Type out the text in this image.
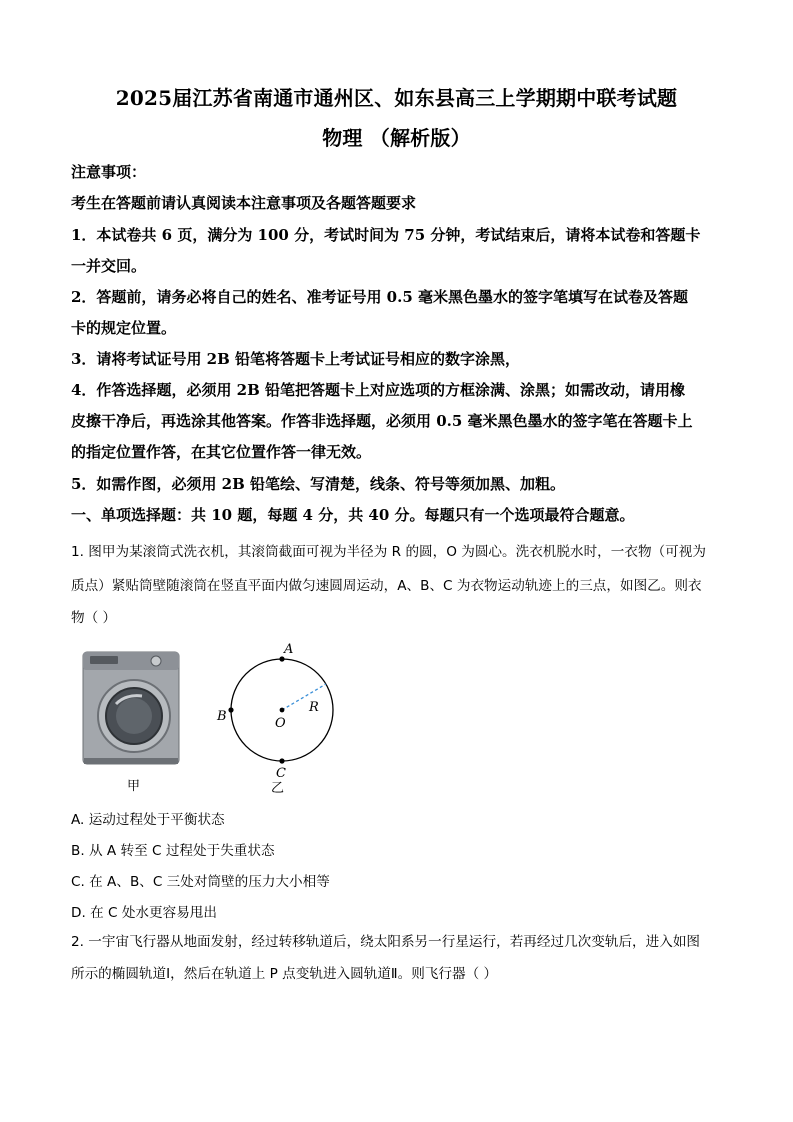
2025届江苏省南通市通州区、如东县高三上学期期中联考试题
物理 （解析版）
注意事项：
考生在答题前请认真阅读本注意事项及各题答题要求
1．本试卷共 6 页，满分为 100 分，考试时间为 75 分钟，考试结束后，请将本试卷和答题卡
一并交回。
2．答题前，请务必将自己的姓名、准考证号用 0.5 毫米黑色墨水的签字笔填写在试卷及答题
卡的规定位置。
3．请将考试证号用 2B 铅笔将答题卡上考试证号相应的数字涂黑，
4．作答选择题，必须用 2B 铅笔把答题卡上对应选项的方框涂满、涂黑；如需改动，请用橡
皮擦干净后，再选涂其他答案。作答非选择题，必须用 0.5 毫米黑色墨水的签字笔在答题卡上
的指定位置作答，在其它位置作答一律无效。
5．如需作图，必须用 2B 铅笔绘、写清楚，线条、符号等须加黑、加粗。
一、单项选择题：共 10 题，每题 4 分，共 40 分。每题只有一个选项最符合题意。
1. 图甲为某滚筒式洗衣机，其滚筒截面可视为半径为 R 的圆，O 为圆心。洗衣机脱水时，一衣物（可视为
质点）紧贴筒壁随滚筒在竖直平面内做匀速圆周运动，A、B、C 为衣物运动轨迹上的三点，如图乙。则衣
物（ ）
甲
A
B	O
R
C
乙
A. 运动过程处于平衡状态
B. 从 A 转至 C 过程处于失重状态
C. 在 A、B、C 三处对筒壁的压力大小相等
D. 在 C 处水更容易甩出
2. 一宇宙飞行器从地面发射，经过转移轨道后，绕太阳系另一行星运行，若再经过几次变轨后，进入如图
所示的椭圆轨道Ⅰ，然后在轨道上 P 点变轨进入圆轨道Ⅱ。则飞行器（ ）
